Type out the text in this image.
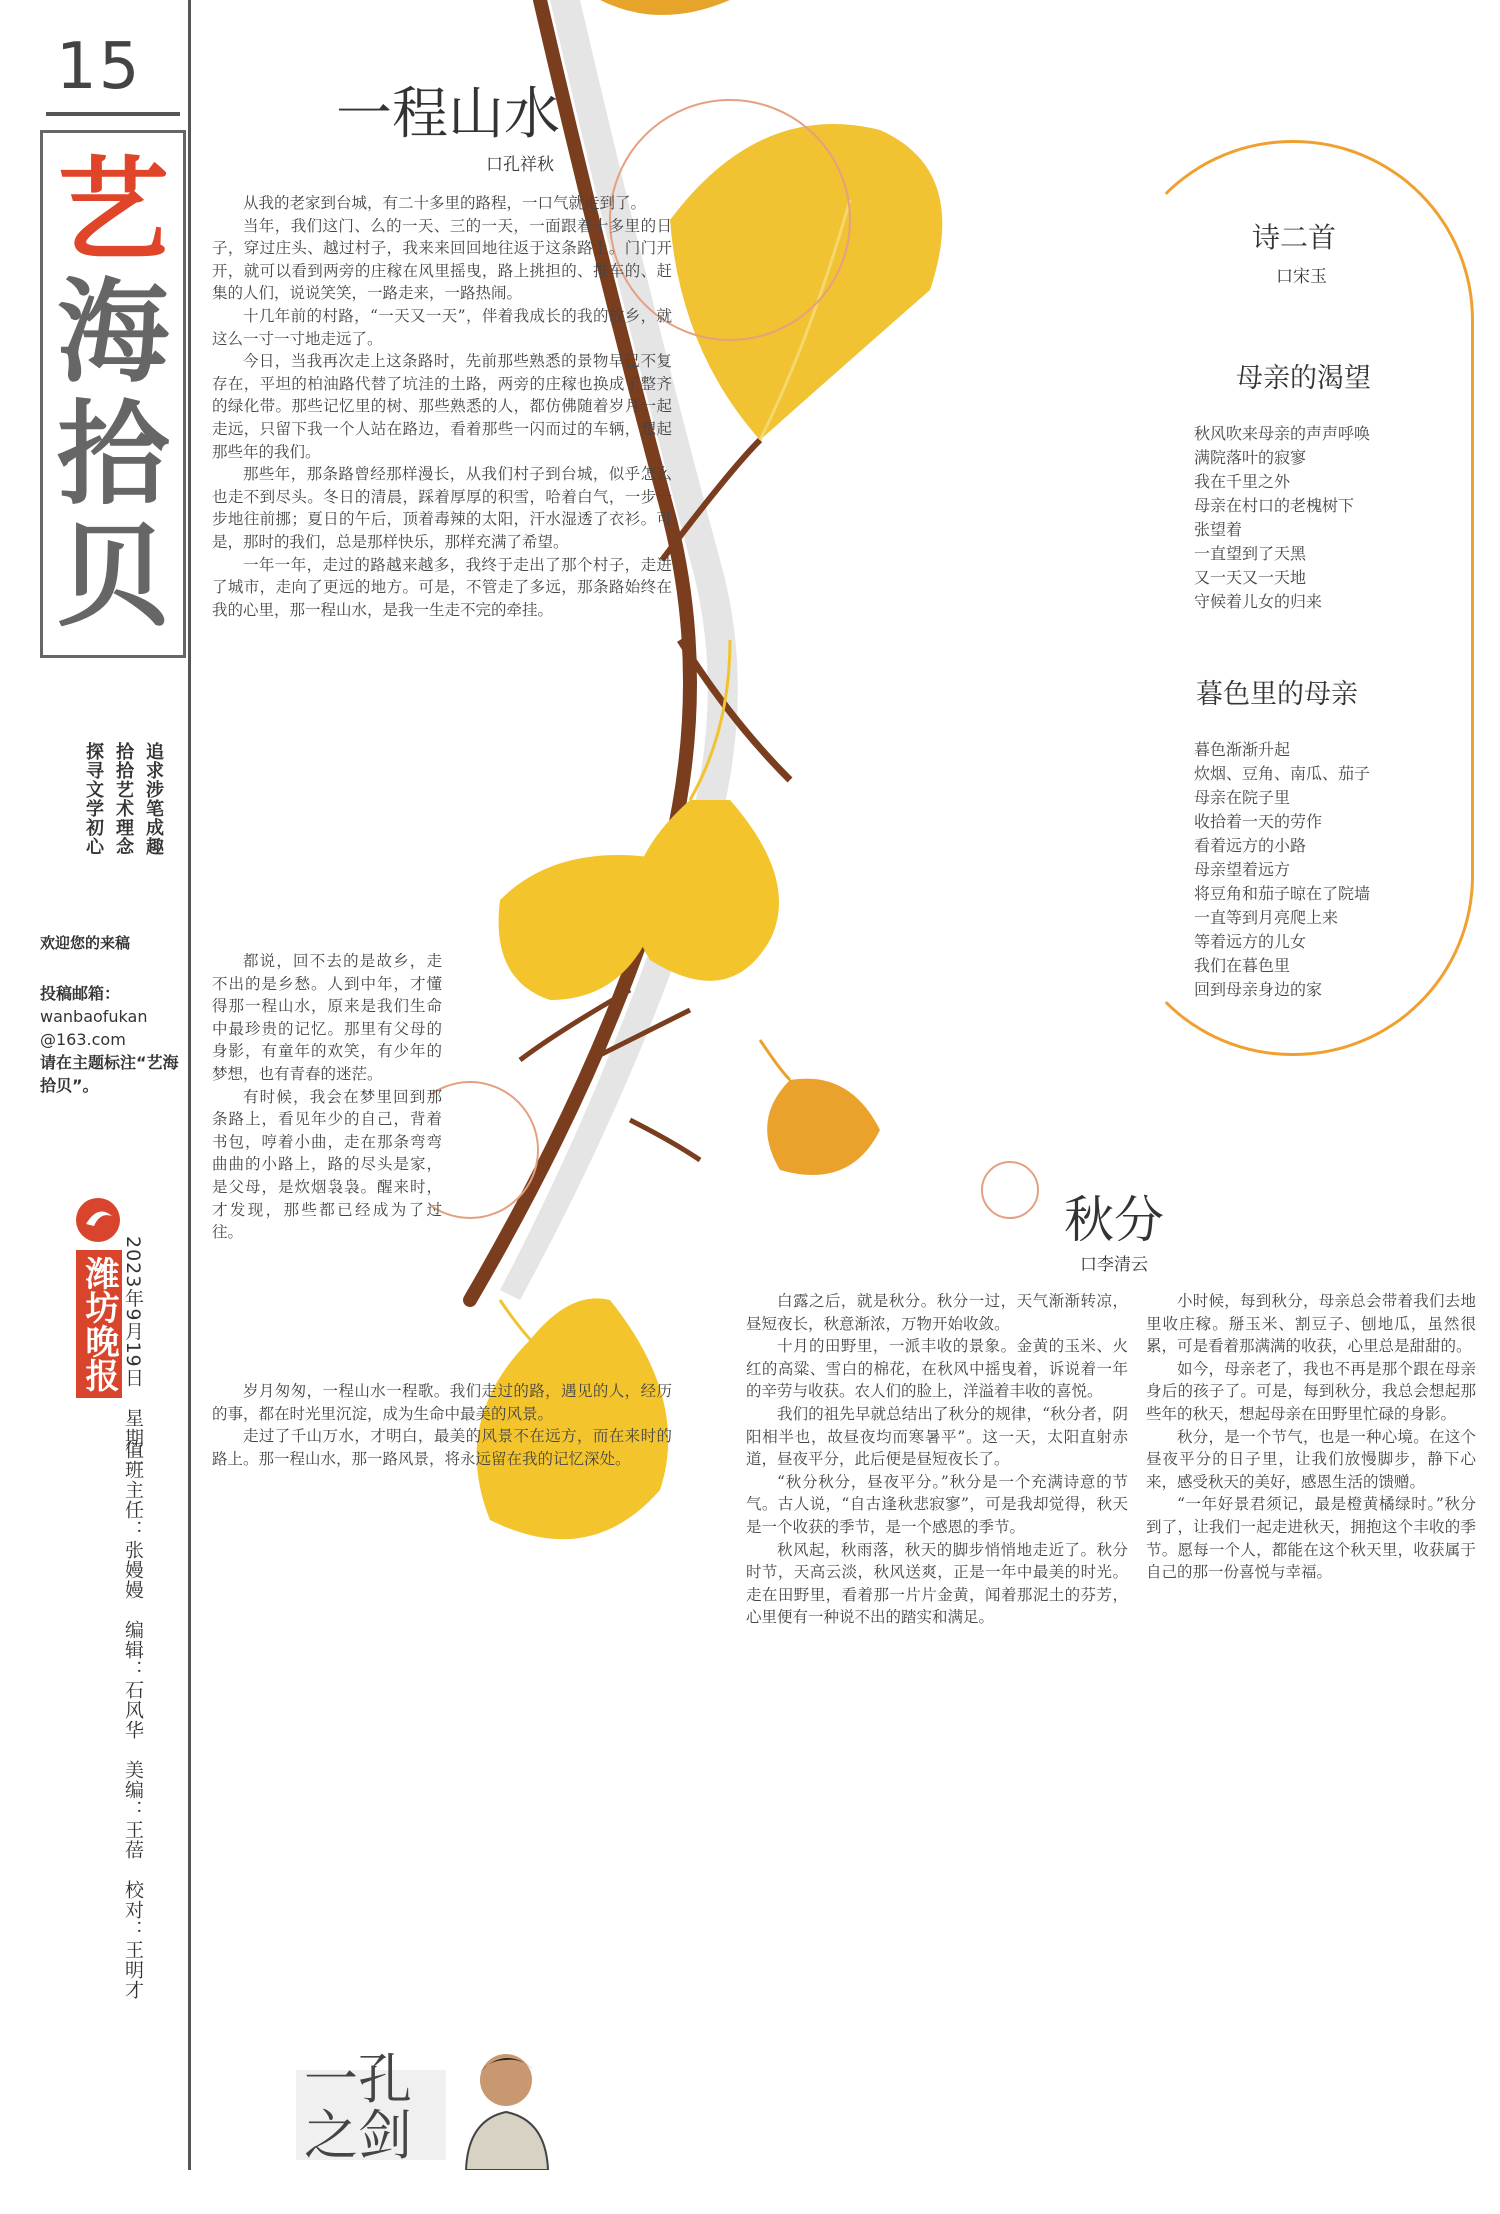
15
艺
海
拾
贝
追求涉笔成趣
拾拾艺术理念
探寻文学初心
欢迎您的来稿
投稿邮箱：
wanbaofukan
@163.com
请在主题标注“艺海拾贝”。
潍坊晚报 2023年9月19日　星期二
值班主任：张嫚嫚　编辑：石风华　美编：王蓓　校对：王明才
一程山水
口孔祥秋

从我的老家到台城，有二十多里的路程，一口气就走到了。

当年，我们这门、么的一天、三的一天，一面跟着十多里的日子，穿过庄头、越过村子，我来来回回地往返于这条路上。门门开开，就可以看到两旁的庄稼在风里摇曳，路上挑担的、推车的、赶集的人们，说说笑笑，一路走来，一路热闹。

十几年前的村路，“一天又一天”，伴着我成长的我的故乡，就这么一寸一寸地走远了。

今日，当我再次走上这条路时，先前那些熟悉的景物早已不复存在，平坦的柏油路代替了坑洼的土路，两旁的庄稼也换成了整齐的绿化带。那些记忆里的树、那些熟悉的人，都仿佛随着岁月一起走远，只留下我一个人站在路边，看着那些一闪而过的车辆，想起那些年的我们。

那些年，那条路曾经那样漫长，从我们村子到台城，似乎怎么也走不到尽头。冬日的清晨，踩着厚厚的积雪，哈着白气，一步一步地往前挪；夏日的午后，顶着毒辣的太阳，汗水湿透了衣衫。可是，那时的我们，总是那样快乐，那样充满了希望。

一年一年，走过的路越来越多，我终于走出了那个村子，走进了城市，走向了更远的地方。可是，不管走了多远，那条路始终在我的心里，那一程山水，是我一生走不完的牵挂。

都说，回不去的是故乡，走不出的是乡愁。人到中年，才懂得那一程山水，原来是我们生命中最珍贵的记忆。那里有父母的身影，有童年的欢笑，有少年的梦想，也有青春的迷茫。

有时候，我会在梦里回到那条路上，看见年少的自己，背着书包，哼着小曲，走在那条弯弯曲曲的小路上，路的尽头是家，是父母，是炊烟袅袅。醒来时，才发现，那些都已经成为了过往。

岁月匆匆，一程山水一程歌。我们走过的路，遇见的人，经历的事，都在时光里沉淀，成为生命中最美的风景。

走过了千山万水，才明白，最美的风景不在远方，而在来时的路上。那一程山水，那一路风景，将永远留在我的记忆深处。

诗二首
口宋玉
母亲的渴望
秋风吹来母亲的声声呼唤
满院落叶的寂寥
我在千里之外
母亲在村口的老槐树下
张望着
一直望到了天黑
又一天又一天地
守候着儿女的归来
暮色里的母亲
暮色渐渐升起
炊烟、豆角、南瓜、茄子
母亲在院子里
收拾着一天的劳作
看着远方的小路
母亲望着远方
将豆角和茄子晾在了院墙
一直等到月亮爬上来
等着远方的儿女
我们在暮色里
回到母亲身边的家
秋分
口李清云

白露之后，就是秋分。秋分一过，天气渐渐转凉，昼短夜长，秋意渐浓，万物开始收敛。

十月的田野里，一派丰收的景象。金黄的玉米、火红的高粱、雪白的棉花，在秋风中摇曳着，诉说着一年的辛劳与收获。农人们的脸上，洋溢着丰收的喜悦。

我们的祖先早就总结出了秋分的规律，“秋分者，阴阳相半也，故昼夜均而寒暑平”。这一天，太阳直射赤道，昼夜平分，此后便是昼短夜长了。

“秋分秋分，昼夜平分。”秋分是一个充满诗意的节气。古人说，“自古逢秋悲寂寥”，可是我却觉得，秋天是一个收获的季节，是一个感恩的季节。

秋风起，秋雨落，秋天的脚步悄悄地走近了。秋分时节，天高云淡，秋风送爽，正是一年中最美的时光。走在田野里，看着那一片片金黄，闻着那泥土的芬芳，心里便有一种说不出的踏实和满足。

小时候，每到秋分，母亲总会带着我们去地里收庄稼。掰玉米、割豆子、刨地瓜，虽然很累，可是看着那满满的收获，心里总是甜甜的。

如今，母亲老了，我也不再是那个跟在母亲身后的孩子了。可是，每到秋分，我总会想起那些年的秋天，想起母亲在田野里忙碌的身影。

秋分，是一个节气，也是一种心境。在这个昼夜平分的日子里，让我们放慢脚步，静下心来，感受秋天的美好，感恩生活的馈赠。

“一年好景君须记，最是橙黄橘绿时。”秋分到了，让我们一起走进秋天，拥抱这个丰收的季节。愿每一个人，都能在这个秋天里，收获属于自己的那一份喜悦与幸福。

一孔之剑
